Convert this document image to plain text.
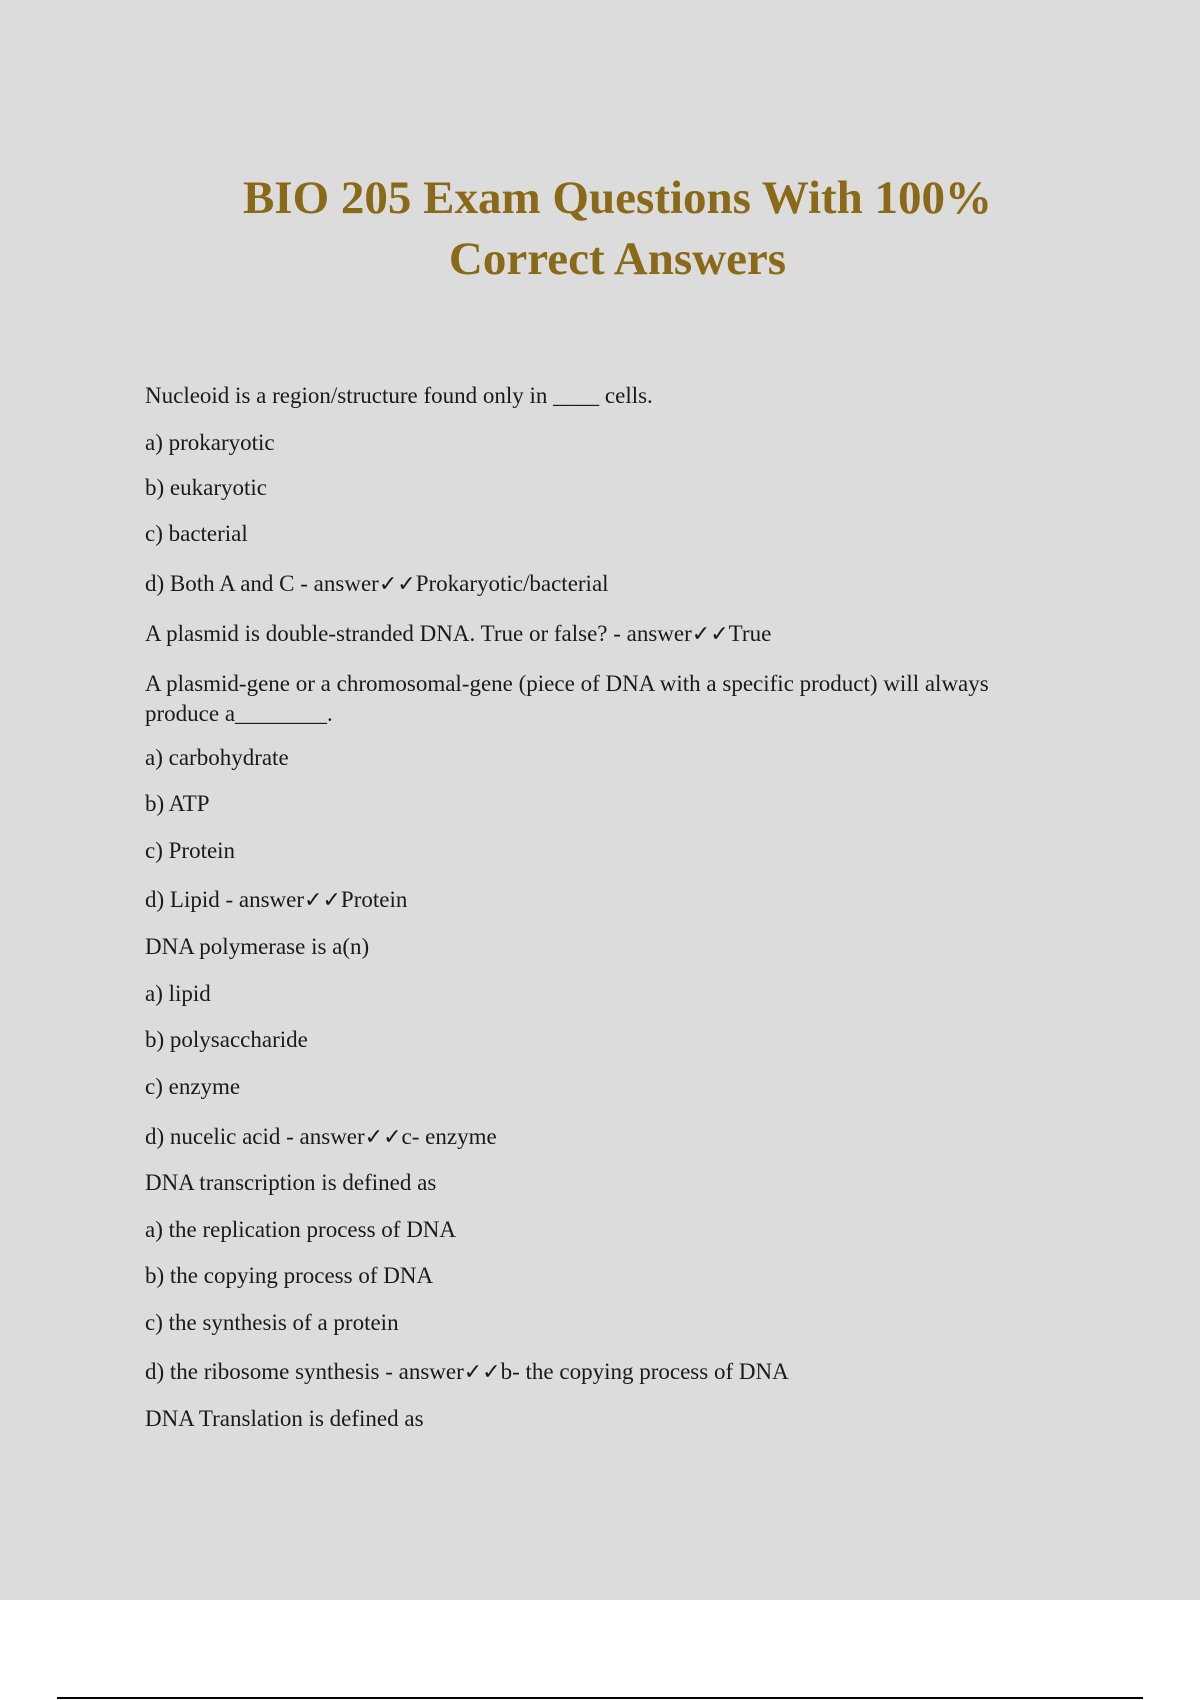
BIO 205 Exam Questions With 100%
Correct Answers
Nucleoid is a region/structure found only in ____ cells.
a) prokaryotic
b) eukaryotic
c) bacterial
d) Both A and C - answer✓✓Prokaryotic/bacterial
A plasmid is double-stranded DNA. True or false? - answer✓✓True
A plasmid-gene or a chromosomal-gene (piece of DNA with a specific product) will always produce a________.
a) carbohydrate
b) ATP
c) Protein
d) Lipid - answer✓✓Protein
DNA polymerase is a(n)
a) lipid
b) polysaccharide
c) enzyme
d) nucelic acid - answer✓✓c- enzyme
DNA transcription is defined as
a) the replication process of DNA
b) the copying process of DNA
c) the synthesis of a protein
d) the ribosome synthesis - answer✓✓b- the copying process of DNA
DNA Translation is defined as
